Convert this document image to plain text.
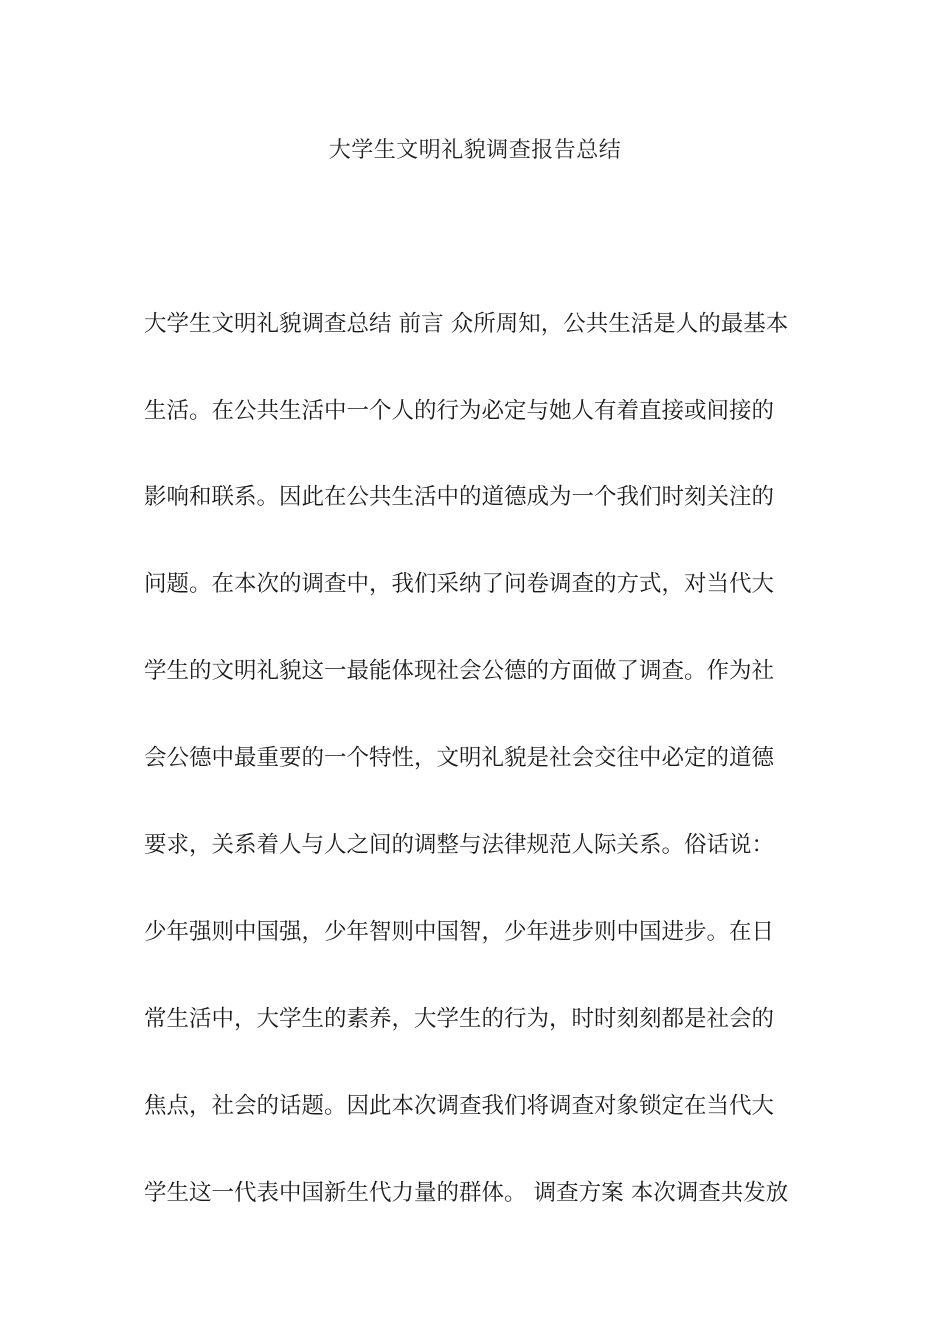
大学生文明礼貌调查报告总结
大学生文明礼貌调查总结 前言 众所周知，公共生活是人的最基本
生活。在公共生活中一个人的行为必定与她人有着直接或间接的
影响和联系。因此在公共生活中的道德成为一个我们时刻关注的
问题。在本次的调查中，我们采纳了问卷调查的方式，对当代大
学生的文明礼貌这一最能体现社会公德的方面做了调查。作为社
会公德中最重要的一个特性，文明礼貌是社会交往中必定的道德
要求，关系着人与人之间的调整与法律规范人际关系。俗话说：
少年强则中国强，少年智则中国智，少年进步则中国进步。在日
常生活中，大学生的素养，大学生的行为，时时刻刻都是社会的
焦点，社会的话题。因此本次调查我们将调查对象锁定在当代大
学生这一代表中国新生代力量的群体。 调查方案 本次调查共发放
